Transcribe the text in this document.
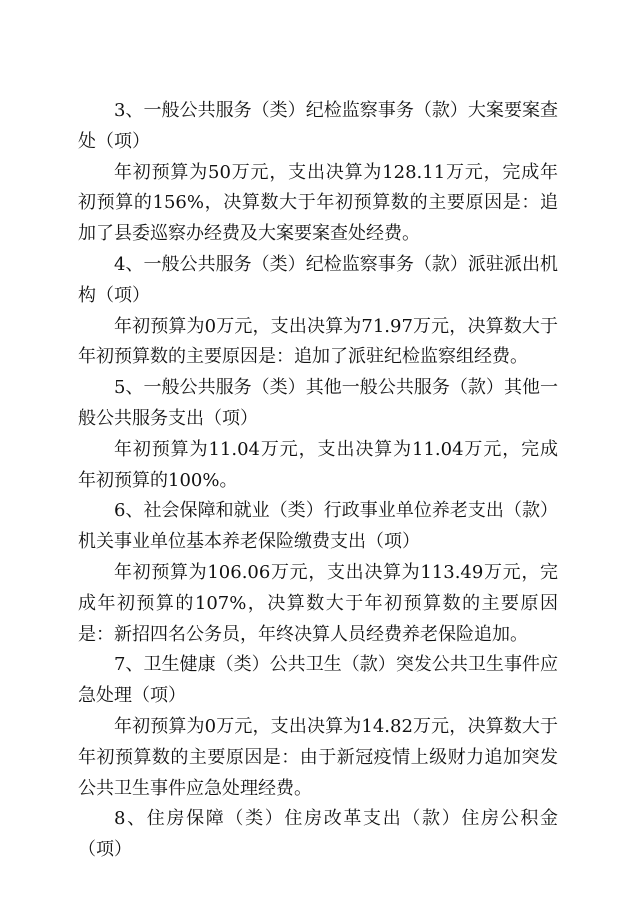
3、一般公共服务（类）纪检监察事务（款）大案要案查处（项）

年初预算为50万元，支出决算为128.11万元，完成年初预算的156%，决算数大于年初预算数的主要原因是：追加了县委巡察办经费及大案要案查处经费。

4、一般公共服务（类）纪检监察事务（款）派驻派出机构（项）

年初预算为0万元，支出决算为71.97万元，决算数大于年初预算数的主要原因是：追加了派驻纪检监察组经费。

5、一般公共服务（类）其他一般公共服务（款）其他一般公共服务支出（项）

年初预算为11.04万元，支出决算为11.04万元，完成年初预算的100%。

6、社会保障和就业（类）行政事业单位养老支出（款）机关事业单位基本养老保险缴费支出（项）

年初预算为106.06万元，支出决算为113.49万元，完成年初预算的107%，决算数大于年初预算数的主要原因是：新招四名公务员，年终决算人员经费养老保险追加。

7、卫生健康（类）公共卫生（款）突发公共卫生事件应急处理（项）

年初预算为0万元，支出决算为14.82万元，决算数大于年初预算数的主要原因是：由于新冠疫情上级财力追加突发公共卫生事件应急处理经费。

8、住房保障（类）住房改革支出（款）住房公积金（项）
